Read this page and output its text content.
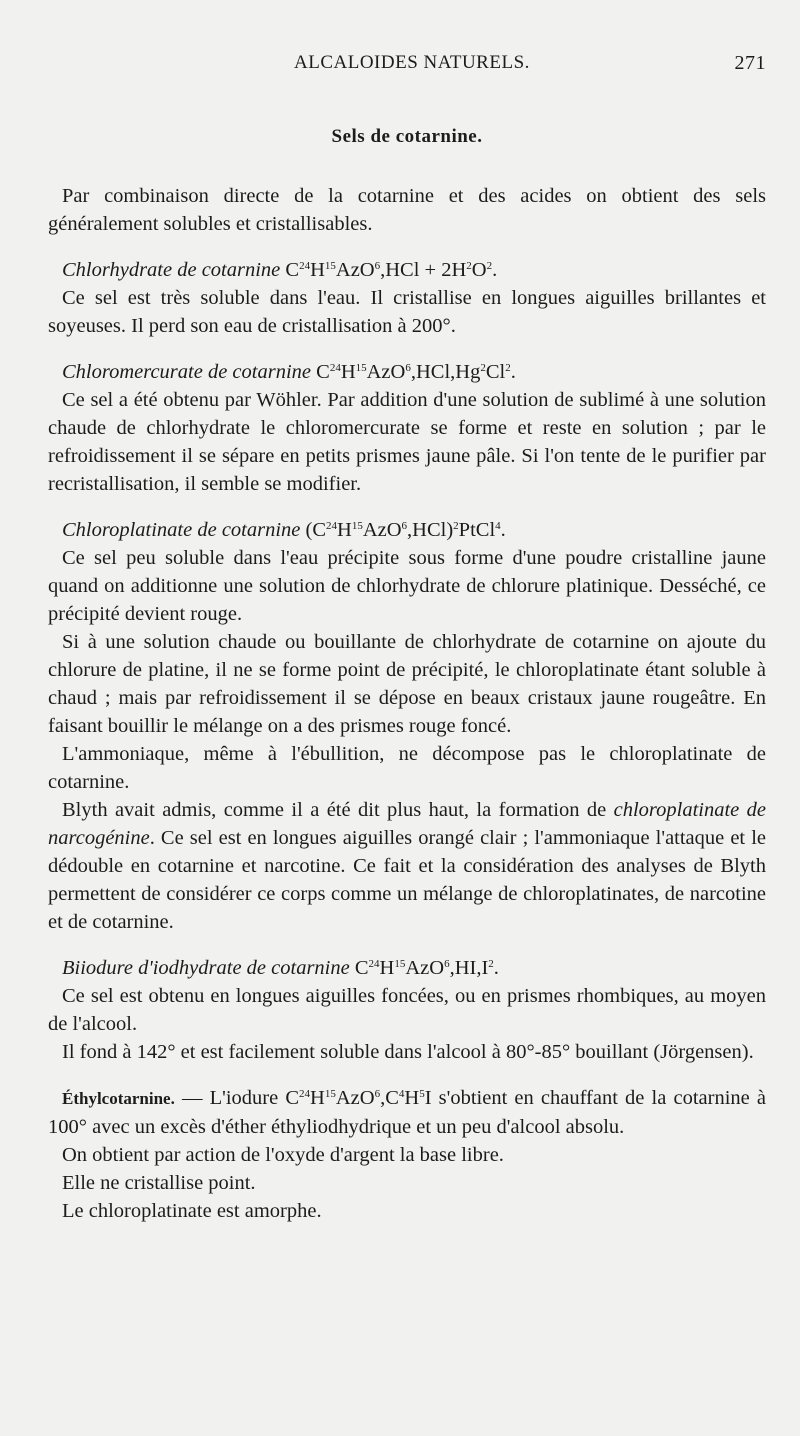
ALCALOIDES NATURELS.	271
Sels de cotarnine.

Par combinaison directe de la cotarnine et des acides on obtient des sels généralement solubles et cristallisables.

Chlorhydrate de cotarnine $C^{24}H^{15}AzO^6,HCl + 2H^2O^2$.

Ce sel est très soluble dans l'eau. Il cristallise en longues aiguilles brillantes et soyeuses. Il perd son eau de cristallisation à 200°.

Chloromercurate de cotarnine $C^{24}H^{15}AzO^6,HCl,Hg^2Cl^2$.

Ce sel a été obtenu par Wöhler. Par addition d'une solution de sublimé à une solution chaude de chlorhydrate le chloromercurate se forme et reste en solution ; par le refroidissement il se sépare en petits prismes jaune pâle. Si l'on tente de le purifier par recristallisation, il semble se modifier.

Chloroplatinate de cotarnine $(C^{24}H^{15}AzO^6,HCl)^2PtCl^4$.

Ce sel peu soluble dans l'eau précipite sous forme d'une poudre cristalline jaune quand on additionne une solution de chlorhydrate de chlorure platinique. Desséché, ce précipité devient rouge.

Si à une solution chaude ou bouillante de chlorhydrate de cotarnine on ajoute du chlorure de platine, il ne se forme point de précipité, le chloroplatinate étant soluble à chaud ; mais par refroidissement il se dépose en beaux cristaux jaune rougeâtre. En faisant bouillir le mélange on a des prismes rouge foncé.

L'ammoniaque, même à l'ébullition, ne décompose pas le chloroplatinate de cotarnine.

Blyth avait admis, comme il a été dit plus haut, la formation de chloroplatinate de narcogénine. Ce sel est en longues aiguilles orangé clair ; l'ammoniaque l'attaque et le dédouble en cotarnine et narcotine. Ce fait et la considération des analyses de Blyth permettent de considérer ce corps comme un mélange de chloroplatinates, de narcotine et de cotarnine.

Biiodure d'iodhydrate de cotarnine $C^{24}H^{15}AzO^6,HI,I^2$.

Ce sel est obtenu en longues aiguilles foncées, ou en prismes rhombiques, au moyen de l'alcool.

Il fond à 142° et est facilement soluble dans l'alcool à 80°-85° bouillant (Jörgensen).

Éthylcotarnine. — L'iodure $C^{24}H^{15}AzO^6,C^4H^5I$ s'obtient en chauffant de la cotarnine à 100° avec un excès d'éther éthyliodhydrique et un peu d'alcool absolu.

On obtient par action de l'oxyde d'argent la base libre.

Elle ne cristallise point.

Le chloroplatinate est amorphe.
